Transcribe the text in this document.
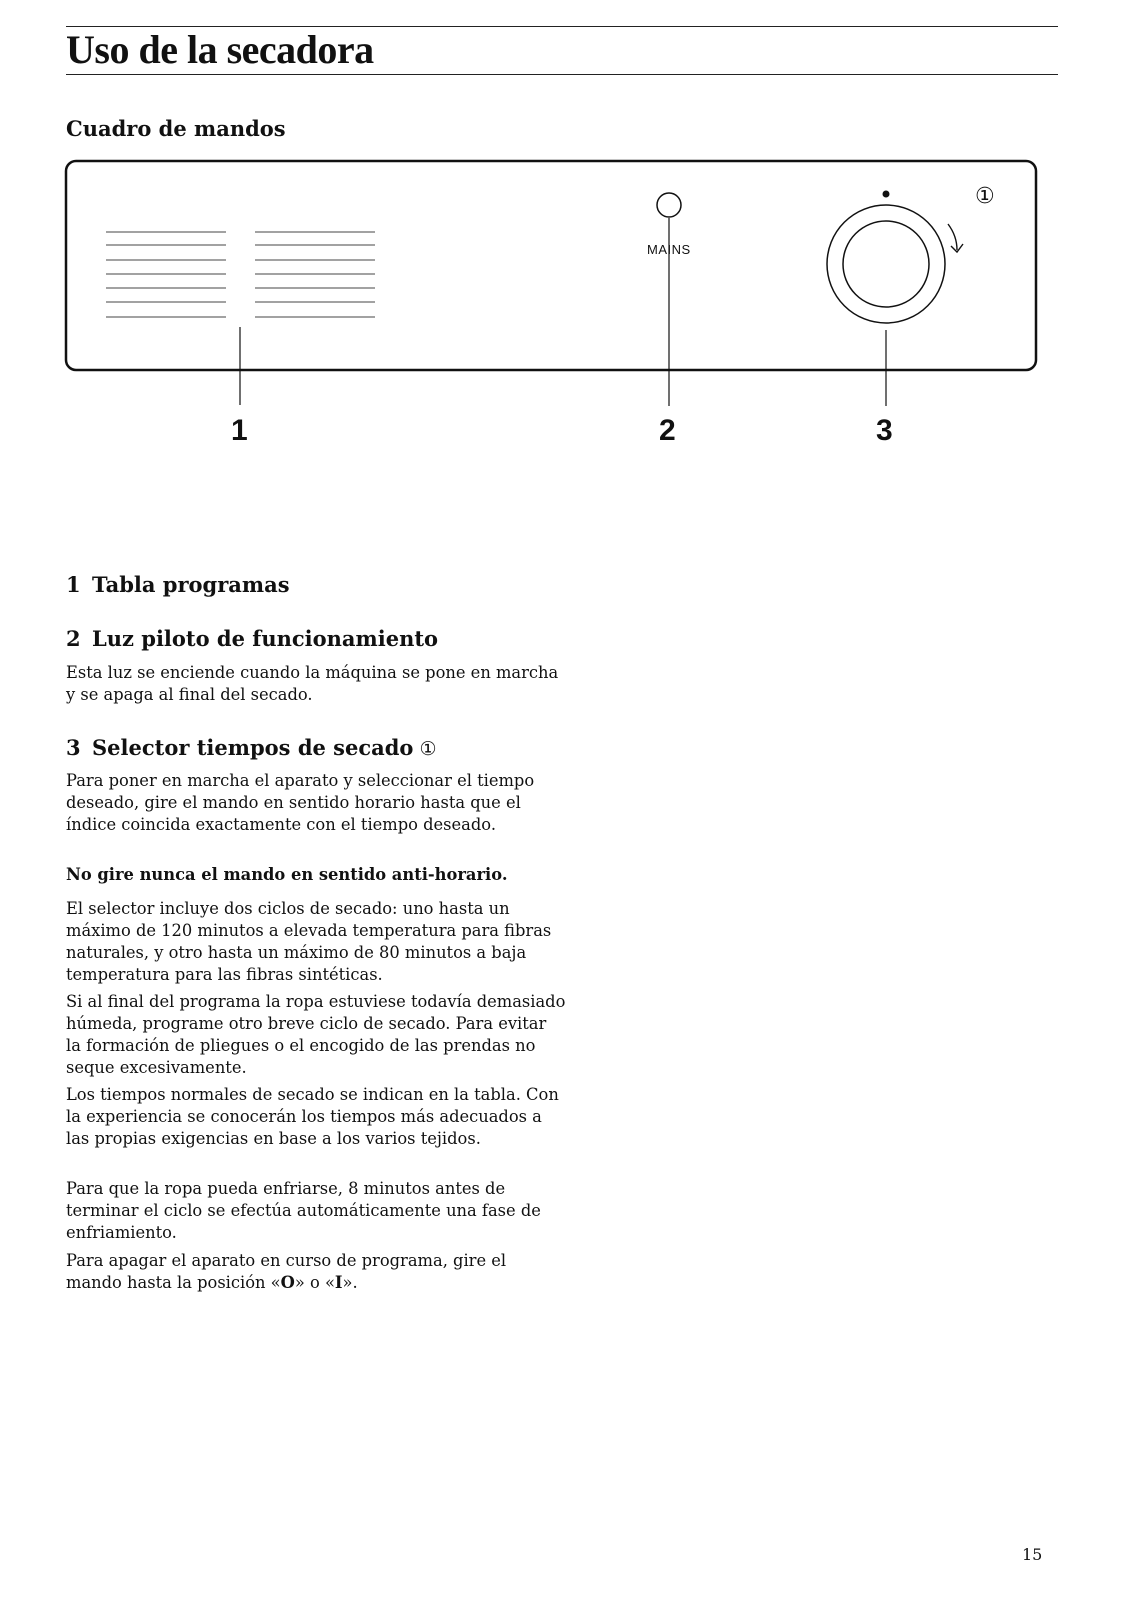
Uso de la secadora
Cuadro de mandos
MAINS
①
1	2	3
1 Tabla programas
2 Luz piloto de funcionamiento

Esta luz se enciende cuando la máquina se pone en marcha y se apaga al final del secado.

3 Selector tiempos de secado ①

Para poner en marcha el aparato y seleccionar el tiempo deseado, gire el mando en sentido horario hasta que el índice coincida exactamente con el tiempo deseado.

No gire nunca el mando en sentido anti-horario.

El selector incluye dos ciclos de secado: uno hasta un máximo de 120 minutos a elevada temperatura para fibras naturales, y otro hasta un máximo de 80 minutos a baja temperatura para las fibras sintéticas.

Si al final del programa la ropa estuviese todavía demasiado húmeda, programe otro breve ciclo de secado. Para evitar la formación de pliegues o el encogido de las prendas no seque excesivamente.

Los tiempos normales de secado se indican en la tabla. Con la experiencia se conocerán los tiempos más adecuados a las propias exigencias en base a los varios tejidos.

Para que la ropa pueda enfriarse, 8 minutos antes de terminar el ciclo se efectúa automáticamente una fase de enfriamiento.

Para apagar el aparato en curso de programa, gire el mando hasta la posición «O» o «I».

15
